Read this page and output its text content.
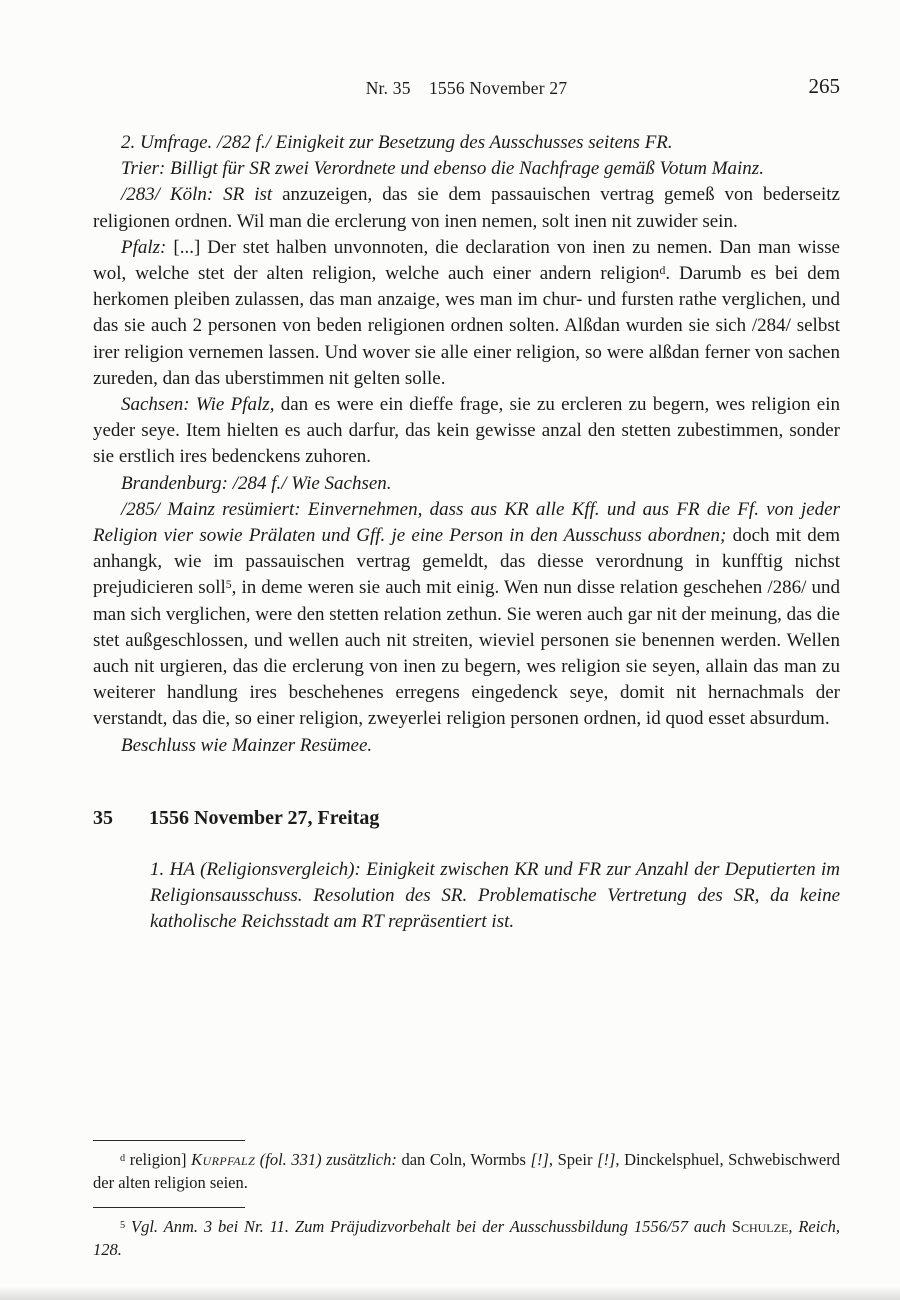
Nr. 35    1556 November 27	265

2. Umfrage. /282 f./ Einigkeit zur Besetzung des Ausschusses seitens FR.

Trier: Billigt für SR zwei Verordnete und ebenso die Nachfrage gemäß Votum Mainz.

/283/ Köln: SR ist anzuzeigen, das sie dem passauischen vertrag gemeß von bederseitz religionen ordnen. Wil man die erclerung von inen nemen, solt inen nit zuwider sein.

Pfalz: [...] Der stet halben unvonnoten, die declaration von inen zu nemen. Dan man wisse wol, welche stet der alten religion, welche auch einer andern religion$^d$. Darumb es bei dem herkomen pleiben zulassen, das man anzaige, wes man im chur- und fursten rathe verglichen, und das sie auch 2 personen von beden religionen ordnen solten. Alßdan wurden sie sich /284/ selbst irer religion vernemen lassen. Und wover sie alle einer religion, so were alßdan ferner von sachen zureden, dan das uberstimmen nit gelten solle.

Sachsen: Wie Pfalz, dan es were ein dieffe frage, sie zu ercleren zu begern, wes religion ein yeder seye. Item hielten es auch darfur, das kein gewisse anzal den stetten zubestimmen, sonder sie erstlich ires bedenckens zuhoren.

Brandenburg: /284 f./ Wie Sachsen.

/285/ Mainz resümiert: Einvernehmen, dass aus KR alle Kff. und aus FR die Ff. von jeder Religion vier sowie Prälaten und Gff. je eine Person in den Ausschuss abordnen; doch mit dem anhangk, wie im passauischen vertrag gemeldt, das diesse verordnung in kunfftig nichst prejudicieren soll$^5$, in deme weren sie auch mit einig. Wen nun disse relation geschehen /286/ und man sich verglichen, were den stetten relation zethun. Sie weren auch gar nit der meinung, das die stet außgeschlossen, und wellen auch nit streiten, wieviel personen sie benennen werden. Wellen auch nit urgieren, das die erclerung von inen zu begern, wes religion sie seyen, allain das man zu weiterer handlung ires beschehenes erregens eingedenck seye, domit nit hernachmals der verstandt, das die, so einer religion, zweyerlei religion personen ordnen, id quod esset absurdum.

Beschluss wie Mainzer Resümee.

35 1556 November 27, Freitag
1. HA (Religionsvergleich): Einigkeit zwischen KR und FR zur Anzahl der Deputierten im Religionsausschuss. Resolution des SR. Problematische Vertretung des SR, da keine katholische Reichsstadt am RT repräsentiert ist.

$^d$ religion] Kurpfalz (fol. 331) zusätzlich: dan Coln, Wormbs [!], Speir [!], Dinckelsphuel, Schwebischwerd der alten religion seien.

$^5$ Vgl. Anm. 3 bei Nr. 11. Zum Präjudizvorbehalt bei der Ausschussbildung 1556/57 auch Schulze, Reich, 128.
